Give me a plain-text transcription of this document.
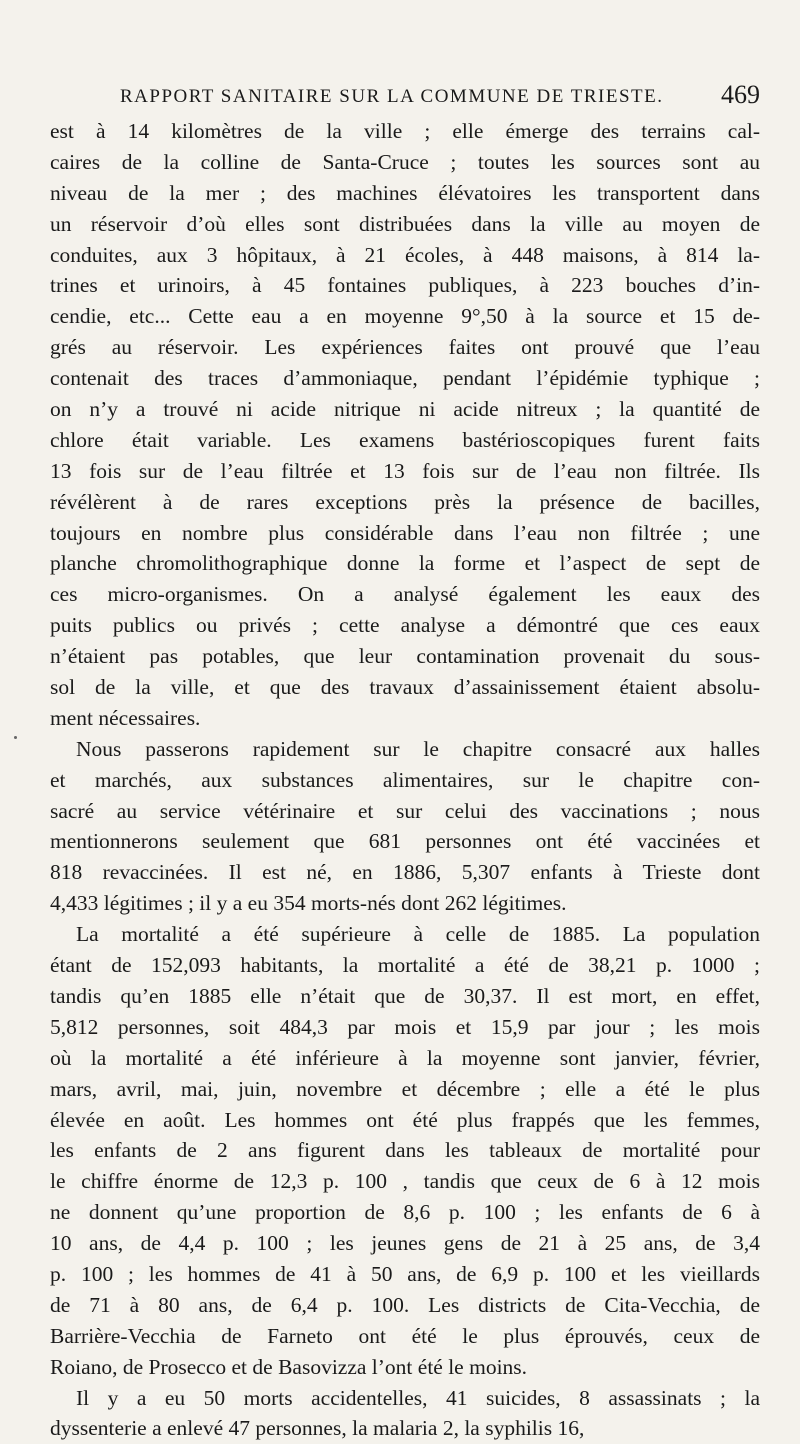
RAPPORT SANITAIRE SUR LA COMMUNE DE TRIESTE. 469

est à 14 kilomètres de la ville ; elle émerge des terrains cal-
caires de la colline de Santa-Cruce ; toutes les sources sont au
niveau de la mer ; des machines élévatoires les transportent dans
un réservoir d’où elles sont distribuées dans la ville au moyen de
conduites, aux 3 hôpitaux, à 21 écoles, à 448 maisons, à 814 la-
trines et urinoirs, à 45 fontaines publiques, à 223 bouches d’in-
cendie, etc... Cette eau a en moyenne 9°,50 à la source et 15 de-
grés au réservoir. Les expériences faites ont prouvé que l’eau
contenait des traces d’ammoniaque, pendant l’épidémie typhique ;
on n’y a trouvé ni acide nitrique ni acide nitreux ; la quantité de
chlore était variable. Les examens bastérioscopiques furent faits
13 fois sur de l’eau filtrée et 13 fois sur de l’eau non filtrée. Ils
révélèrent à de rares exceptions près la présence de bacilles,
toujours en nombre plus considérable dans l’eau non filtrée ; une
planche chromolithographique donne la forme et l’aspect de sept de
ces micro-organismes. On a analysé également les eaux des
puits publics ou privés ; cette analyse a démontré que ces eaux
n’étaient pas potables, que leur contamination provenait du sous-
sol de la ville, et que des travaux d’assainissement étaient absolu-
ment nécessaires.

Nous passerons rapidement sur le chapitre consacré aux halles
et marchés, aux substances alimentaires, sur le chapitre con-
sacré au service vétérinaire et sur celui des vaccinations ; nous
mentionnerons seulement que 681 personnes ont été vaccinées et
818 revaccinées. Il est né, en 1886, 5,307 enfants à Trieste dont
4,433 légitimes ; il y a eu 354 morts-nés dont 262 légitimes.

La mortalité a été supérieure à celle de 1885. La population
étant de 152,093 habitants, la mortalité a été de 38,21 p. 1000 ;
tandis qu’en 1885 elle n’était que de 30,37. Il est mort, en effet,
5,812 personnes, soit 484,3 par mois et 15,9 par jour ; les mois
où la mortalité a été inférieure à la moyenne sont janvier, février,
mars, avril, mai, juin, novembre et décembre ; elle a été le plus
élevée en août. Les hommes ont été plus frappés que les femmes,
les enfants de 2 ans figurent dans les tableaux de mortalité pour
le chiffre énorme de 12,3 p. 100 , tandis que ceux de 6 à 12 mois
ne donnent qu’une proportion de 8,6 p. 100 ; les enfants de 6 à
10 ans, de 4,4 p. 100 ; les jeunes gens de 21 à 25 ans, de 3,4
p. 100 ; les hommes de 41 à 50 ans, de 6,9 p. 100 et les vieillards
de 71 à 80 ans, de 6,4 p. 100. Les districts de Cita-Vecchia, de
Barrière-Vecchia de Farneto ont été le plus éprouvés, ceux de
Roiano, de Prosecco et de Basovizza l’ont été le moins.

Il y a eu 50 morts accidentelles, 41 suicides, 8 assassinats ; la
dyssenterie a enlevé 47 personnes, la malaria 2, la syphilis 16,
